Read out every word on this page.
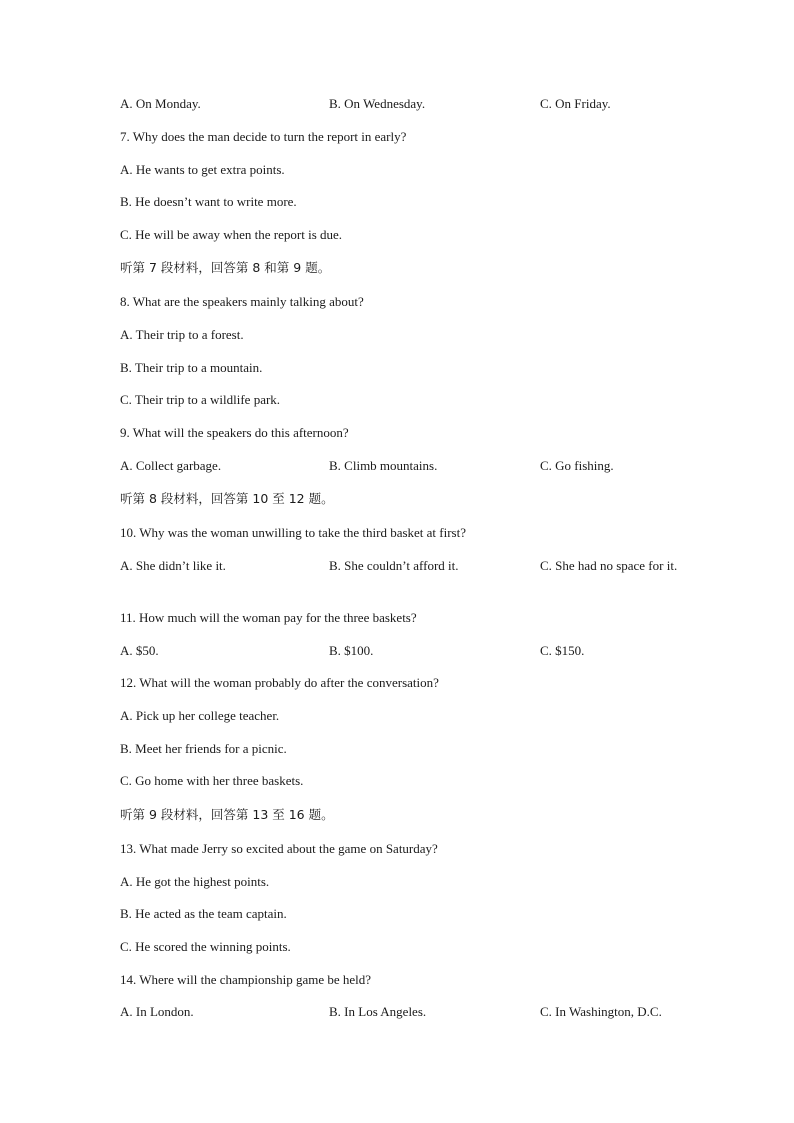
A. On Monday.	B. On Wednesday.	C. On Friday.
7. Why does the man decide to turn the report in early?
A. He wants to get extra points.
B. He doesn’t want to write more.
C. He will be away when the report is due.
听第 7 段材料，回答第 8 和第 9 题。
8. What are the speakers mainly talking about?
A. Their trip to a forest.
B. Their trip to a mountain.
C. Their trip to a wildlife park.
9. What will the speakers do this afternoon?
A. Collect garbage.	B. Climb mountains.	C. Go fishing.
听第 8 段材料，回答第 10 至 12 题。
10. Why was the woman unwilling to take the third basket at first?
A. She didn’t like it.	B. She couldn’t afford it.	C. She had no space for it.
11. How much will the woman pay for the three baskets?
A. $50.	B. $100.	C. $150.
12. What will the woman probably do after the conversation?
A. Pick up her college teacher.
B. Meet her friends for a picnic.
C. Go home with her three baskets.
听第 9 段材料，回答第 13 至 16 题。
13. What made Jerry so excited about the game on Saturday?
A. He got the highest points.
B. He acted as the team captain.
C. He scored the winning points.
14. Where will the championship game be held?
A. In London.	B. In Los Angeles.	C. In Washington, D.C.
